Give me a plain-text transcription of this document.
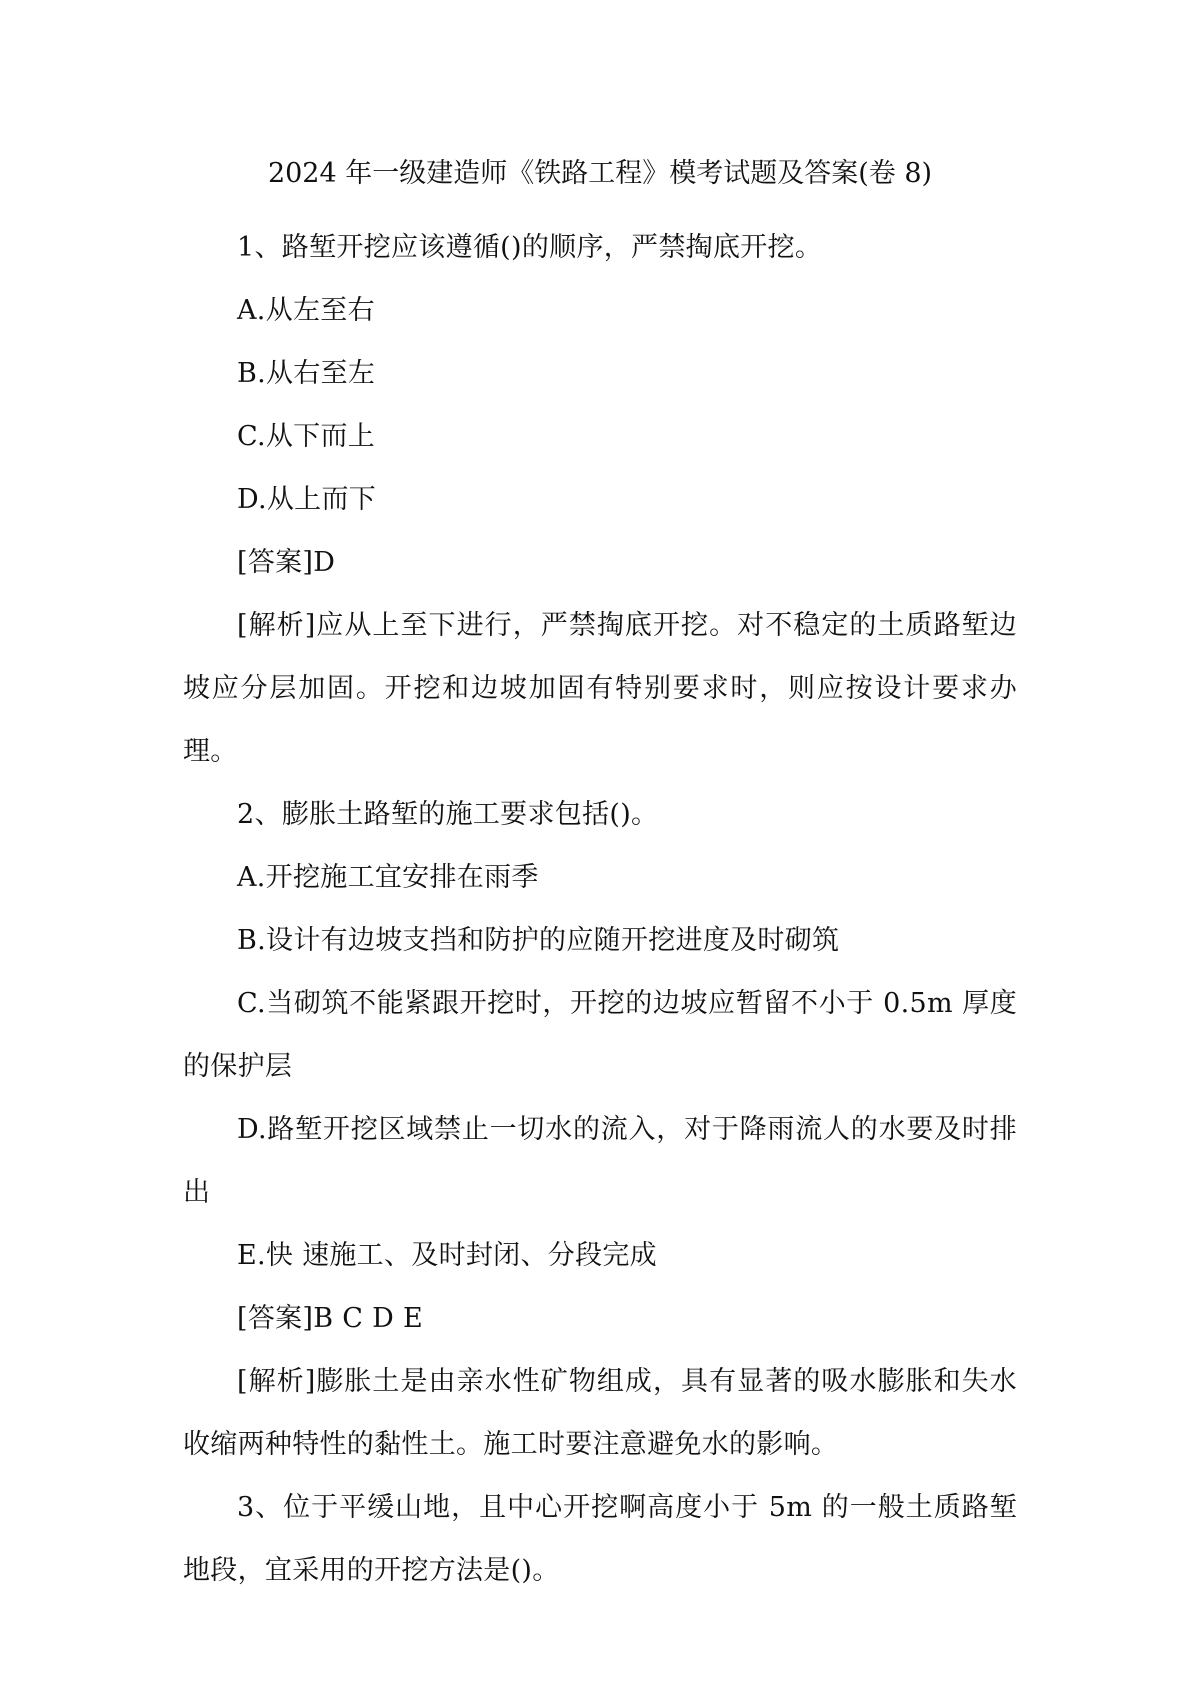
2024 年一级建造师《铁路工程》模考试题及答案(卷 8)

1、路堑开挖应该遵循()的顺序，严禁掏底开挖。

A.从左至右

B.从右至左

C.从下而上

D.从上而下

[答案]D

[解析]应从上至下进行，严禁掏底开挖。对不稳定的土质路堑边坡应分层加固。开挖和边坡加固有特别要求时，则应按设计要求办理。

2、膨胀土路堑的施工要求包括()。

A.开挖施工宜安排在雨季

B.设计有边坡支挡和防护的应随开挖进度及时砌筑

C.当砌筑不能紧跟开挖时，开挖的边坡应暂留不小于 0.5m 厚度的保护层

D.路堑开挖区域禁止一切水的流入，对于降雨流人的水要及时排出

E.快 速施工、及时封闭、分段完成

[答案]B C D E

[解析]膨胀土是由亲水性矿物组成，具有显著的吸水膨胀和失水收缩两种特性的黏性土。施工时要注意避免水的影响。

3、位于平缓山地，且中心开挖啊高度小于 5m 的一般土质路堑地段，宜采用的开挖方法是()。
